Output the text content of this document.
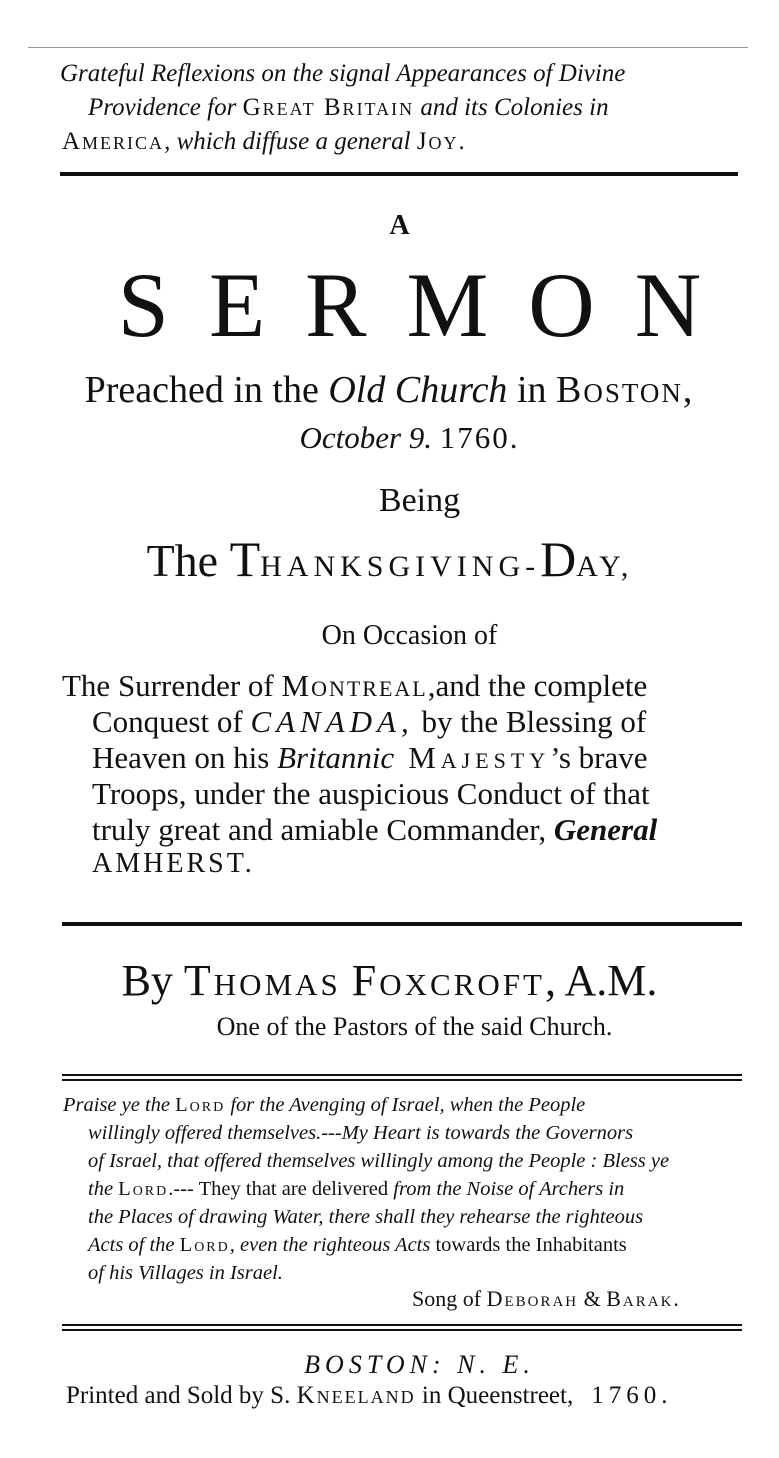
Grateful Reflexions on the signal Appearances of Divine
Providence for Great Britain and its Colonies in
America, which diffuse a general Joy.
A
SERMON
Preached in the Old Church in Boston,
October 9. 1760.
Being
The THANKSGIVING-DAY,
On Occasion of
The Surrender of Montreal,and the complete
Conquest of CANADA, by the Blessing of
Heaven on his Britannic Majesty’s brave
Troops, under the auspicious Conduct of that
truly great and amiable Commander, General
AMHERST.
By Thomas Foxcroft, A.M.
One of the Pastors of the said Church.
Praise ye the Lord for the Avenging of Israel, when the People
willingly offered themselves.---My Heart is towards the Governors
of Israel, that offered themselves willingly among the People : Bless ye
the Lord.--- They that are delivered from the Noise of Archers in
the Places of drawing Water, there shall they rehearse the righteous
Acts of the Lord, even the righteous Acts towards the Inhabitants
of his Villages in Israel.
Song of Deborah & Barak.
BOSTON: N. E.
Printed and Sold by S. Kneeland in Queenstreet, 1760.
